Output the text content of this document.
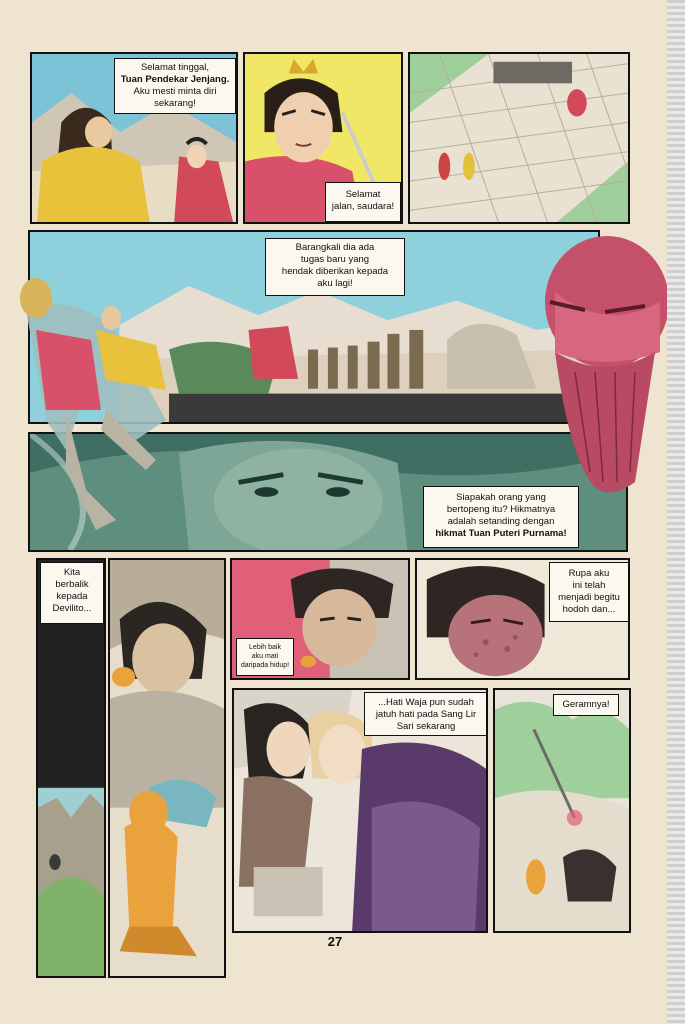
Selamat tinggal,
Tuan Pendekar Jenjang.
Aku mesti minta diri
sekarang!
Selamat
jalan, saudara!
Barangkali dia ada
tugas baru yang
hendak diberikan kepada
aku lagi!
Siapakah orang yang
bertopeng itu? Hikmatnya
adalah setanding dengan
hikmat Tuan Puteri Purnama!
Kita
berbalik
kepada
Devilito...
Lebih baik
aku mati
daripada hidup!
Rupa aku
ini telah
menjadi begitu
hodoh dan...
...Hati Waja pun sudah
jatuh hati pada Sang Lir
Sari sekarang
Geramnya!
27
